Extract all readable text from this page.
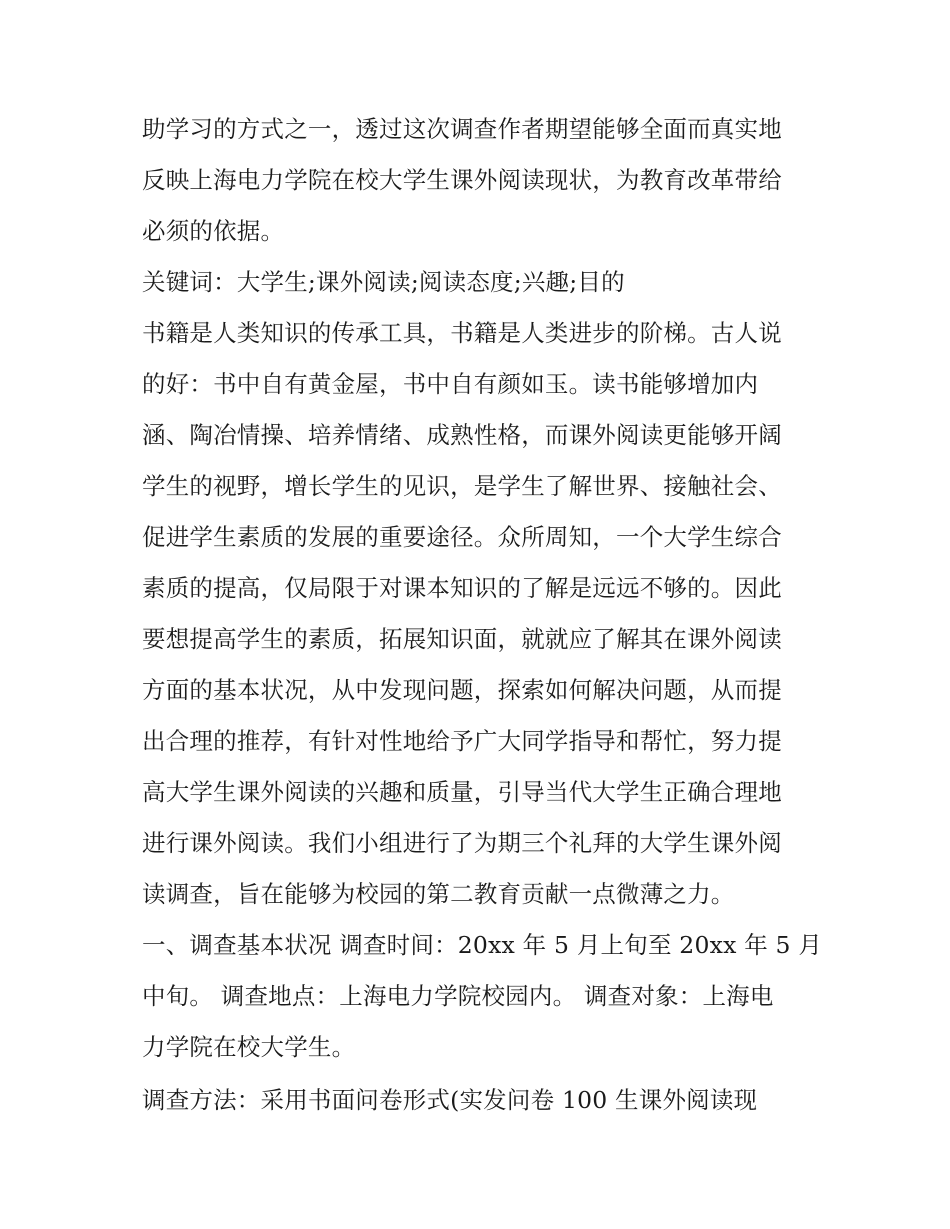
助学习的方式之一，透过这次调查作者期望能够全面而真实地
反映上海电力学院在校大学生课外阅读现状，为教育改革带给
必须的依据。
关键词：大学生;课外阅读;阅读态度;兴趣;目的
书籍是人类知识的传承工具，书籍是人类进步的阶梯。古人说
的好：书中自有黄金屋，书中自有颜如玉。读书能够增加内
涵、陶冶情操、培养情绪、成熟性格，而课外阅读更能够开阔
学生的视野，增长学生的见识，是学生了解世界、接触社会、
促进学生素质的发展的重要途径。众所周知，一个大学生综合
素质的提高，仅局限于对课本知识的了解是远远不够的。因此
要想提高学生的素质，拓展知识面，就就应了解其在课外阅读
方面的基本状况，从中发现问题，探索如何解决问题，从而提
出合理的推荐，有针对性地给予广大同学指导和帮忙，努力提
高大学生课外阅读的兴趣和质量，引导当代大学生正确合理地
进行课外阅读。我们小组进行了为期三个礼拜的大学生课外阅
读调查，旨在能够为校园的第二教育贡献一点微薄之力。
一、调查基本状况 调查时间：20xx 年 5 月上旬至 20xx 年 5 月
中旬。 调查地点：上海电力学院校园内。 调查对象：上海电
力学院在校大学生。
调查方法：采用书面问卷形式(实发问卷 100 生课外阅读现
